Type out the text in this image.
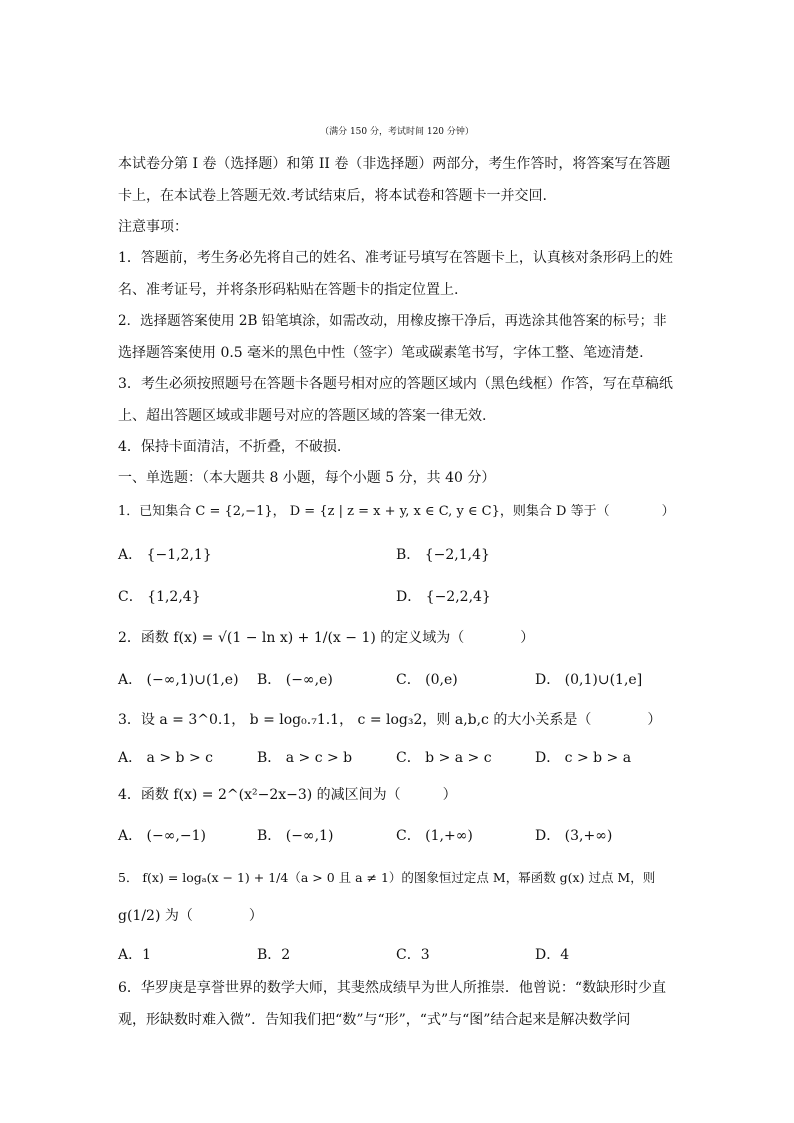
（满分 150 分，考试时间 120 分钟）
本试卷分第 I 卷（选择题）和第 II 卷（非选择题）两部分，考生作答时，将答案写在答题
卡上，在本试卷上答题无效.考试结束后，将本试卷和答题卡一并交回.
注意事项：
1．答题前，考生务必先将自己的姓名、准考证号填写在答题卡上，认真核对条形码上的姓
名、准考证号，并将条形码粘贴在答题卡的指定位置上.
2．选择题答案使用 2B 铅笔填涂，如需改动，用橡皮擦干净后，再选涂其他答案的标号；非
选择题答案使用 0.5 毫米的黑色中性（签字）笔或碳素笔书写，字体工整、笔迹清楚.
3．考生必须按照题号在答题卡各题号相对应的答题区域内（黑色线框）作答，写在草稿纸
上、超出答题区域或非题号对应的答题区域的答案一律无效.
4．保持卡面清洁，不折叠，不破损.
一、单选题：（本大题共 8 小题，每个小题 5 分，共 40 分）
1．已知集合 C = {2,−1}， D = {z | z = x + y, x ∈ C, y ∈ C}，则集合 D 等于（　　　　）
A． {−1,2,1}	B． {−2,1,4}
C． {1,2,4}	D． {−2,2,4}
2．函数 f(x) = √(1 − ln x) + 1/(x − 1) 的定义域为（　　　　）
A． (−∞,1)∪(1,e) B． (−∞,e)	C． (0,e)	D． (0,1)∪(1,e]
3．设 a = 3^0.1， b = log₀.₇1.1， c = log₃2，则 a,b,c 的大小关系是（　　　　）
A． a > b > c	B． a > c > b	C． b > a > c	D． c > b > a
4．函数 f(x) = 2^(x²−2x−3) 的减区间为（　　　）
A． (−∞,−1)	B． (−∞,1)	C． (1,+∞)	D． (3,+∞)
5． f(x) = logₐ(x − 1) + 1/4（a > 0 且 a ≠ 1）的图象恒过定点 M，幂函数 g(x) 过点 M，则
g(1/2) 为（　　　　）
A．1	B．2	C．3	D．4
6．华罗庚是享誉世界的数学大师，其斐然成绩早为世人所推崇．他曾说：“数缺形时少直
观，形缺数时难入微”．告知我们把“数”与“形”，“式”与“图”结合起来是解决数学问
